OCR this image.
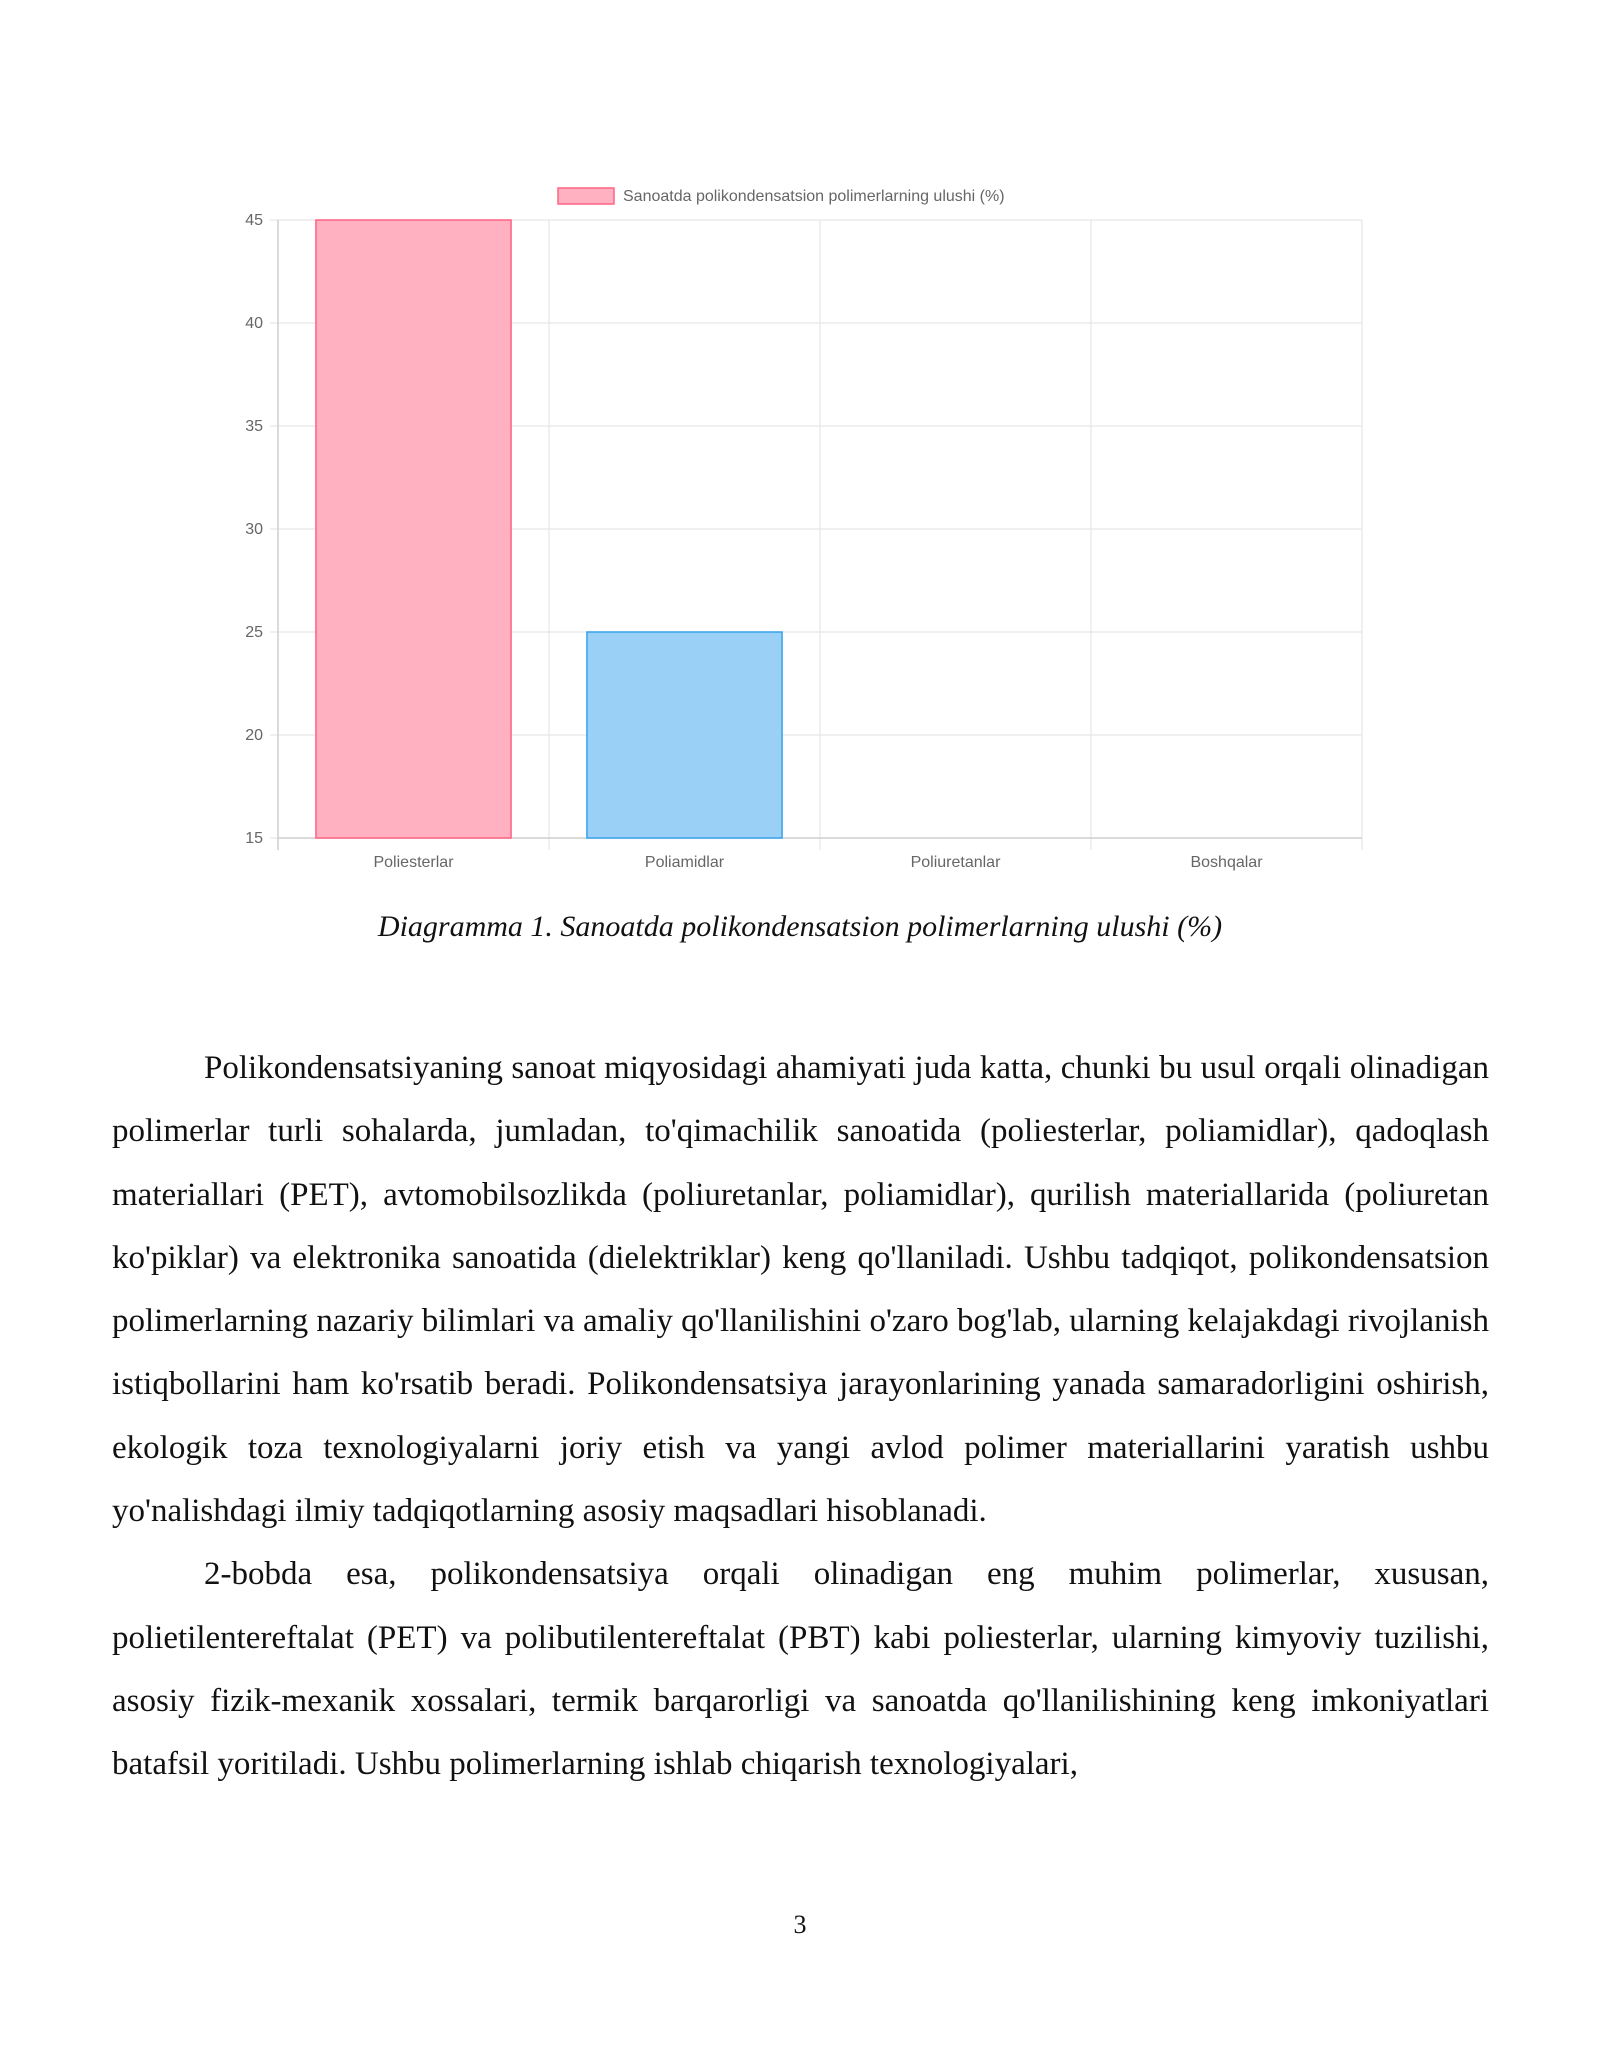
15
20
25
30
35
40
45
Poliesterlar	Poliamidlar	Poliuretanlar	Boshqalar
Sanoatda polikondensatsion polimerlarning ulushi (%)
Diagramma 1. Sanoatda polikondensatsion polimerlarning ulushi (%)

Polikondensatsiyaning sanoat miqyosidagi ahamiyati juda katta, chunki bu usul orqali olinadigan polimerlar turli sohalarda, jumladan, to'qimachilik sanoatida (poliesterlar, poliamidlar), qadoqlash materiallari (PET), avtomobilsozlikda (poliuretanlar, poliamidlar), qurilish materiallarida (poliuretan ko'piklar) va elektronika sanoatida (dielektriklar) keng qo'llaniladi. Ushbu tadqiqot, polikondensatsion polimerlarning nazariy bilimlari va amaliy qo'llanilishini o'zaro bog'lab, ularning kelajakdagi rivojlanish istiqbollarini ham ko'rsatib beradi. Polikondensatsiya jarayonlarining yanada samaradorligini oshirish, ekologik toza texnologiyalarni joriy etish va yangi avlod polimer materiallarini yaratish ushbu yo'nalishdagi ilmiy tadqiqotlarning asosiy maqsadlari hisoblanadi.

2-bobda esa, polikondensatsiya orqali olinadigan eng muhim polimerlar, xususan, polietilentereftalat (PET) va polibutilentereftalat (PBT) kabi poliesterlar, ularning kimyoviy tuzilishi, asosiy fizik-mexanik xossalari, termik barqarorligi va sanoatda qo'llanilishining keng imkoniyatlari batafsil yoritiladi. Ushbu polimerlarning ishlab chiqarish texnologiyalari,

3
